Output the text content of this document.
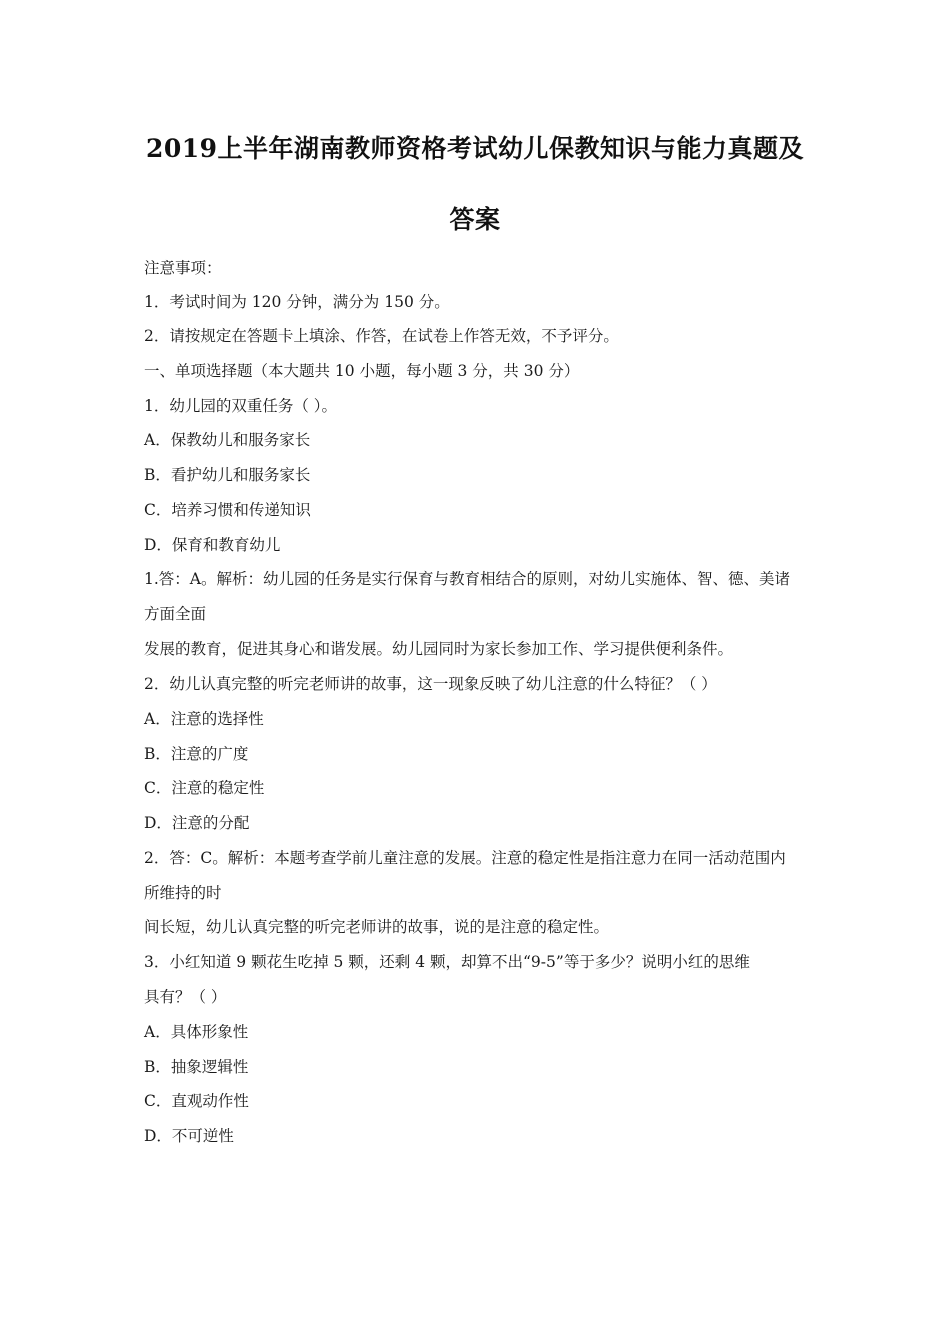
2019上半年湖南教师资格考试幼儿保教知识与能力真题及
答案
注意事项：
1．考试时间为 120 分钟，满分为 150 分。
2．请按规定在答题卡上填涂、作答，在试卷上作答无效，不予评分。
一、单项选择题（本大题共 10 小题，每小题 3 分，共 30 分）
1．幼儿园的双重任务（ ）。
A．保教幼儿和服务家长
B．看护幼儿和服务家长
C．培养习惯和传递知识
D．保育和教育幼儿
1.答：A。解析：幼儿园的任务是实行保育与教育相结合的原则，对幼儿实施体、智、德、美诸
方面全面
发展的教育，促进其身心和谐发展。幼儿园同时为家长参加工作、学习提供便利条件。
2．幼儿认真完整的听完老师讲的故事，这一现象反映了幼儿注意的什么特征？（ ）
A．注意的选择性
B．注意的广度
C．注意的稳定性
D．注意的分配
2．答：C。解析：本题考查学前儿童注意的发展。注意的稳定性是指注意力在同一活动范围内
所维持的时
间长短，幼儿认真完整的听完老师讲的故事，说的是注意的稳定性。
3．小红知道 9 颗花生吃掉 5 颗，还剩 4 颗，却算不出“9-5”等于多少？说明小红的思维
具有？（ ）
A．具体形象性
B．抽象逻辑性
C．直观动作性
D．不可逆性
